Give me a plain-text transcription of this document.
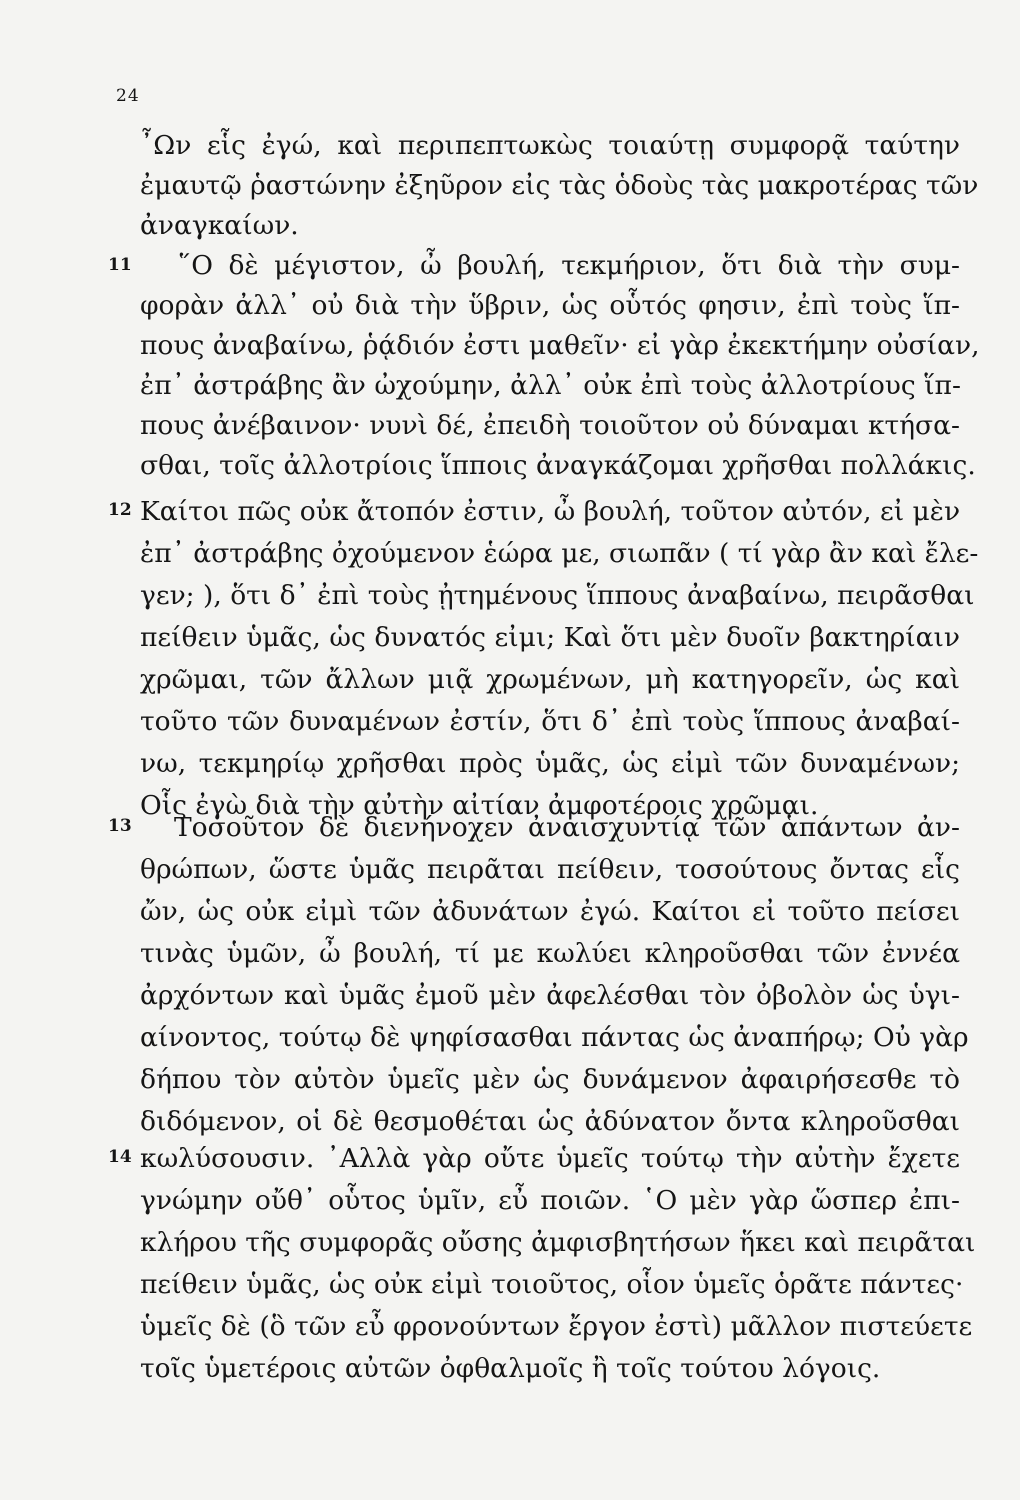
24
11
12
13
14
῏Ων εἷς ἐγώ, καὶ περιπεπτωκὼς τοιαύτῃ συμφορᾷ ταύτην
ἐμαυτῷ ῥαστώνην ἐξηῦρον εἰς τὰς ὁδοὺς τὰς μακροτέρας τῶν
ἀναγκαίων.
῞Ο δὲ μέγιστον, ὦ βουλή, τεκμήριον, ὅτι διὰ τὴν συμ-
φορὰν ἀλλ᾽ οὐ διὰ τὴν ὕβριν, ὡς οὗτός φησιν, ἐπὶ τοὺς ἵπ-
πους ἀναβαίνω, ῥᾴδιόν ἐστι μαθεῖν· εἰ γὰρ ἐκεκτήμην οὐσίαν,
ἐπ᾽ ἀστράβης ἂν ὠχούμην, ἀλλ᾽ οὐκ ἐπὶ τοὺς ἀλλοτρίους ἵπ-
πους ἀνέβαινον· νυνὶ δέ, ἐπειδὴ τοιοῦτον οὐ δύναμαι κτήσα-
σθαι, τοῖς ἀλλοτρίοις ἵπποις ἀναγκάζομαι χρῆσθαι πολλάκις.
Καίτοι πῶς οὐκ ἄτοπόν ἐστιν, ὦ βουλή, τοῦτον αὐτόν, εἰ μὲν
ἐπ᾽ ἀστράβης ὀχούμενον ἑώρα με, σιωπᾶν ( τί γὰρ ἂν καὶ ἔλε-
γεν; ), ὅτι δ᾽ ἐπὶ τοὺς ᾐτημένους ἵππους ἀναβαίνω, πειρᾶσθαι
πείθειν ὑμᾶς, ὡς δυνατός εἰμι; Καὶ ὅτι μὲν δυοῖν βακτηρίαιν
χρῶμαι, τῶν ἄλλων μιᾷ χρωμένων, μὴ κατηγορεῖν, ὡς καὶ
τοῦτο τῶν δυναμένων ἐστίν, ὅτι δ᾽ ἐπὶ τοὺς ἵππους ἀναβαί-
νω, τεκμηρίῳ χρῆσθαι πρὸς ὑμᾶς, ὡς εἰμὶ τῶν δυναμένων;
Οἷς ἐγὼ διὰ τὴν αὐτὴν αἰτίαν ἀμφοτέροις χρῶμαι.
Τοσοῦτον δὲ διενήνοχεν ἀναισχυντίᾳ τῶν ἁπάντων ἀν-
θρώπων, ὥστε ὑμᾶς πειρᾶται πείθειν, τοσούτους ὄντας εἷς
ὤν, ὡς οὐκ εἰμὶ τῶν ἀδυνάτων ἐγώ. Καίτοι εἰ τοῦτο πείσει
τινὰς ὑμῶν, ὦ βουλή, τί με κωλύει κληροῦσθαι τῶν ἐννέα
ἀρχόντων καὶ ὑμᾶς ἐμοῦ μὲν ἀφελέσθαι τὸν ὀβολὸν ὡς ὑγι-
αίνοντος, τούτῳ δὲ ψηφίσασθαι πάντας ὡς ἀναπήρῳ; Οὐ γὰρ
δήπου τὸν αὐτὸν ὑμεῖς μὲν ὡς δυνάμενον ἀφαιρήσεσθε τὸ
διδόμενον, οἱ δὲ θεσμοθέται ὡς ἀδύνατον ὄντα κληροῦσθαι
κωλύσουσιν. ᾽Αλλὰ γὰρ οὔτε ὑμεῖς τούτῳ τὴν αὐτὴν ἔχετε
γνώμην οὔθ᾽ οὗτος ὑμῖν, εὖ ποιῶν. ῾Ο μὲν γὰρ ὥσπερ ἐπι-
κλήρου τῆς συμφορᾶς οὔσης ἀμφισβητήσων ἥκει καὶ πειρᾶται
πείθειν ὑμᾶς, ὡς οὐκ εἰμὶ τοιοῦτος, οἷον ὑμεῖς ὁρᾶτε πάντες·
ὑμεῖς δὲ (ὃ τῶν εὖ φρονούντων ἔργον ἐστὶ) μᾶλλον πιστεύετε
τοῖς ὑμετέροις αὐτῶν ὀφθαλμοῖς ἢ τοῖς τούτου λόγοις.
